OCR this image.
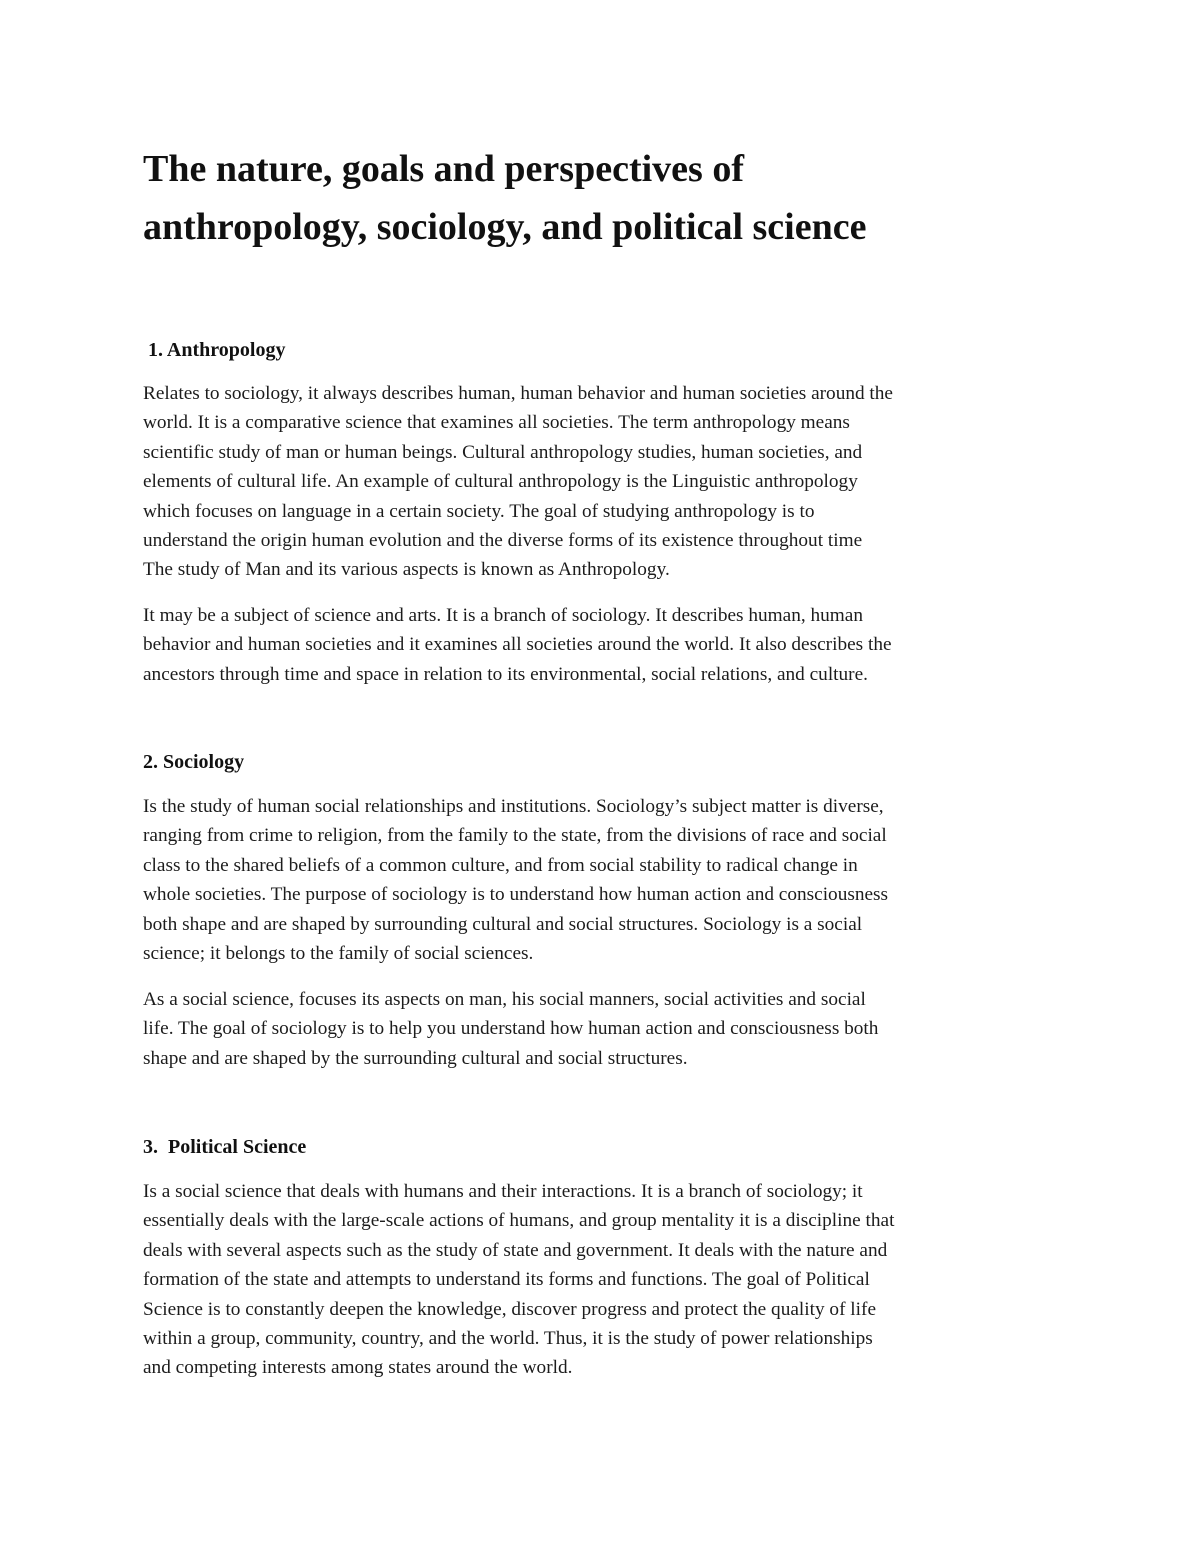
The nature, goals and perspectives of
anthropology, sociology, and political science
1. Anthropology
Relates to sociology, it always describes human, human behavior and human societies around the
world. It is a comparative science that examines all societies. The term anthropology means
scientific study of man or human beings. Cultural anthropology studies, human societies, and
elements of cultural life. An example of cultural anthropology is the Linguistic anthropology
which focuses on language in a certain society. The goal of studying anthropology is to
understand the origin human evolution and the diverse forms of its existence throughout time
The study of Man and its various aspects is known as Anthropology.
It may be a subject of science and arts. It is a branch of sociology. It describes human, human
behavior and human societies and it examines all societies around the world. It also describes the
ancestors through time and space in relation to its environmental, social relations, and culture.
2. Sociology
Is the study of human social relationships and institutions. Sociology’s subject matter is diverse,
ranging from crime to religion, from the family to the state, from the divisions of race and social
class to the shared beliefs of a common culture, and from social stability to radical change in
whole societies. The purpose of sociology is to understand how human action and consciousness
both shape and are shaped by surrounding cultural and social structures. Sociology is a social
science; it belongs to the family of social sciences.
As a social science, focuses its aspects on man, his social manners, social activities and social
life. The goal of sociology is to help you understand how human action and consciousness both
shape and are shaped by the surrounding cultural and social structures.
3.  Political Science
Is a social science that deals with humans and their interactions. It is a branch of sociology; it
essentially deals with the large-scale actions of humans, and group mentality it is a discipline that
deals with several aspects such as the study of state and government. It deals with the nature and
formation of the state and attempts to understand its forms and functions. The goal of Political
Science is to constantly deepen the knowledge, discover progress and protect the quality of life
within a group, community, country, and the world. Thus, it is the study of power relationships
and competing interests among states around the world.
